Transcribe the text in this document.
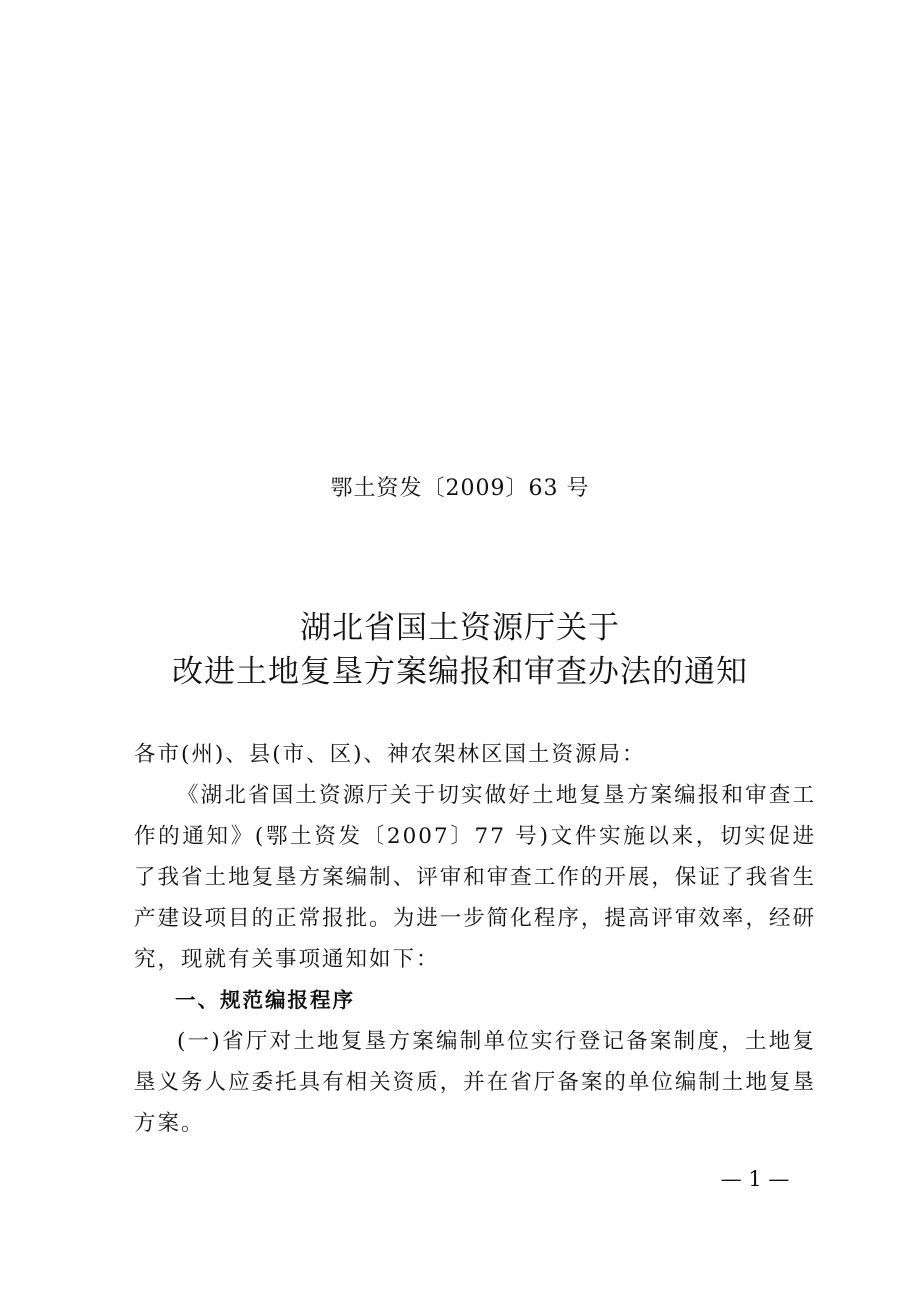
鄂土资发〔2009〕63 号
湖北省国土资源厅关于
改进土地复垦方案编报和审查办法的通知

各市(州)、县(市、区)、神农架林区国土资源局：

《湖北省国土资源厅关于切实做好土地复垦方案编报和审查工作的通知》(鄂土资发〔2007〕77 号)文件实施以来，切实促进了我省土地复垦方案编制、评审和审查工作的开展，保证了我省生产建设项目的正常报批。为进一步简化程序，提高评审效率，经研究，现就有关事项通知如下：

一、规范编报程序

(一)省厅对土地复垦方案编制单位实行登记备案制度，土地复垦义务人应委托具有相关资质，并在省厅备案的单位编制土地复垦方案。

— 1 —
